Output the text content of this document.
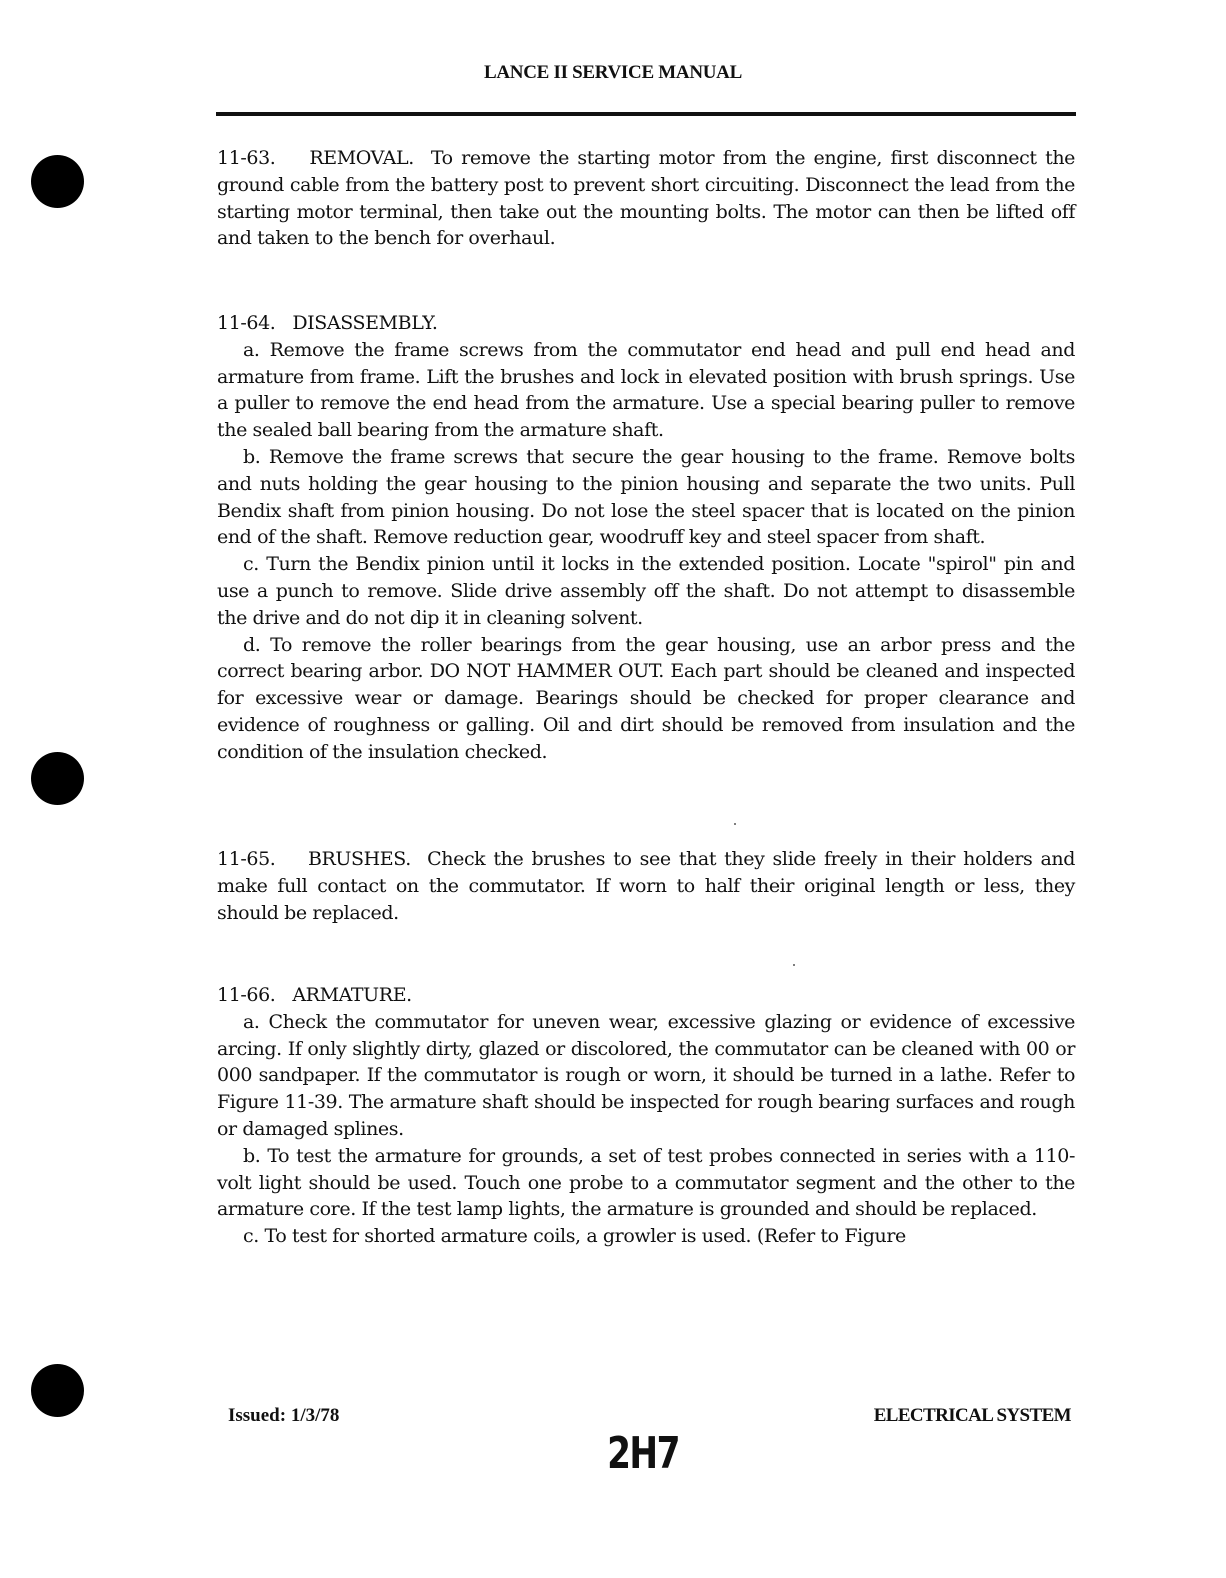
LANCE II SERVICE MANUAL

11-63. REMOVAL. To remove the starting motor from the engine, first disconnect the ground cable from the battery post to prevent short circuiting. Disconnect the lead from the starting motor terminal, then take out the mounting bolts. The motor can then be lifted off and taken to the bench for overhaul.

11-64. DISASSEMBLY.

a. Remove the frame screws from the commutator end head and pull end head and armature from frame. Lift the brushes and lock in elevated position with brush springs. Use a puller to remove the end head from the armature. Use a special bearing puller to remove the sealed ball bearing from the armature shaft.

b. Remove the frame screws that secure the gear housing to the frame. Remove bolts and nuts holding the gear housing to the pinion housing and separate the two units. Pull Bendix shaft from pinion housing. Do not lose the steel spacer that is located on the pinion end of the shaft. Remove reduction gear, woodruff key and steel spacer from shaft.

c. Turn the Bendix pinion until it locks in the extended position. Locate "spirol" pin and use a punch to remove. Slide drive assembly off the shaft. Do not attempt to disassemble the drive and do not dip it in cleaning solvent.

d. To remove the roller bearings from the gear housing, use an arbor press and the correct bearing arbor. DO NOT HAMMER OUT. Each part should be cleaned and inspected for excessive wear or damage. Bearings should be checked for proper clearance and evidence of roughness or galling. Oil and dirt should be removed from insulation and the condition of the insulation checked.

11-65. BRUSHES. Check the brushes to see that they slide freely in their holders and make full contact on the commutator. If worn to half their original length or less, they should be replaced.

11-66. ARMATURE.

a. Check the commutator for uneven wear, excessive glazing or evidence of excessive arcing. If only slightly dirty, glazed or discolored, the commutator can be cleaned with 00 or 000 sandpaper. If the commutator is rough or worn, it should be turned in a lathe. Refer to Figure 11-39. The armature shaft should be inspected for rough bearing surfaces and rough or damaged splines.

b. To test the armature for grounds, a set of test probes connected in series with a 110-volt light should be used. Touch one probe to a commutator segment and the other to the armature core. If the test lamp lights, the armature is grounded and should be replaced.

c. To test for shorted armature coils, a growler is used. (Refer to Figure

Issued: 1/3/78	ELECTRICAL SYSTEM
2H7
